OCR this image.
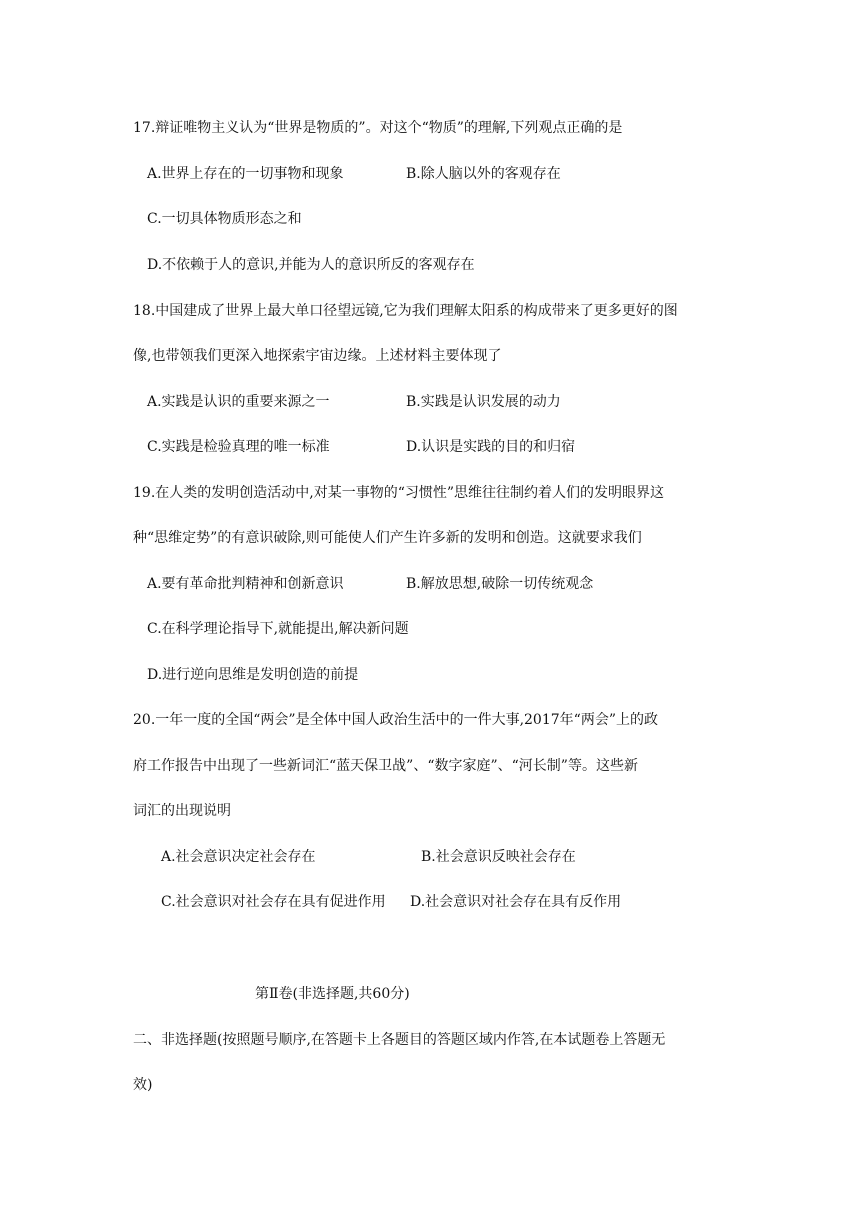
17.辩证唯物主义认为“世界是物质的”。对这个“物质”的理解,下列观点正确的是
A.世界上存在的一切事物和现象	B.除人脑以外的客观存在
C.一切具体物质形态之和
D.不依赖于人的意识,并能为人的意识所反的客观存在
18.中国建成了世界上最大单口径望远镜,它为我们理解太阳系的构成带来了更多更好的图
像,也带领我们更深入地探索宇宙边缘。上述材料主要体现了
A.实践是认识的重要来源之一	B.实践是认识发展的动力
C.实践是检验真理的唯一标准	D.认识是实践的目的和归宿
19.在人类的发明创造活动中,对某一事物的“习惯性”思维往往制约着人们的发明眼界这
种“思维定势”的有意识破除,则可能使人们产生许多新的发明和创造。这就要求我们
A.要有革命批判精神和创新意识	B.解放思想,破除一切传统观念
C.在科学理论指导下,就能提出,解决新问题
D.进行逆向思维是发明创造的前提
20.一年一度的全国“两会”是全体中国人政治生活中的一件大事,2017年“两会”上的政
府工作报告中出现了一些新词汇“蓝天保卫战”、“数字家庭”、“河长制”等。这些新
词汇的出现说明
A.社会意识决定社会存在	B.社会意识反映社会存在
C.社会意识对社会存在具有促进作用 D.社会意识对社会存在具有反作用
第Ⅱ卷(非选择题,共60分)
二、非选择题(按照题号顺序,在答题卡上各题目的答题区域内作答,在本试题卷上答题无
效)
